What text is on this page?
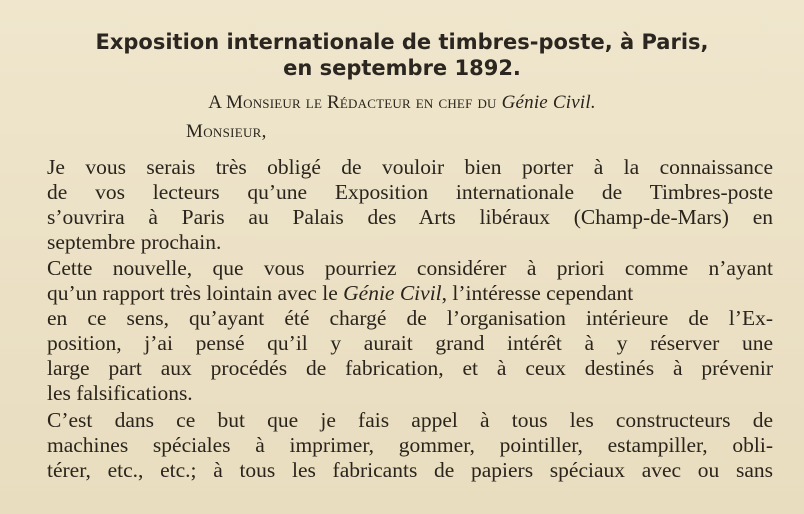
Exposition internationale de timbres-poste, à Paris,
en septembre 1892.
A Monsieur le Rédacteur en chef du Génie Civil.
Monsieur,
Je vous serais très obligé de vouloir bien porter à la connaissance
de vos lecteurs qu’une Exposition internationale de Timbres-poste
s’ouvrira à Paris au Palais des Arts libéraux (Champ-de-Mars) en
septembre prochain.
Cette nouvelle, que vous pourriez considérer à priori comme n’ayant
qu’un rapport très lointain avec le Génie Civil, l’intéresse cependant
en ce sens, qu’ayant été chargé de l’organisation intérieure de l’Ex-
position, j’ai pensé qu’il y aurait grand intérêt à y réserver une
large part aux procédés de fabrication, et à ceux destinés à prévenir
les falsifications.
C’est dans ce but que je fais appel à tous les constructeurs de
machines spéciales à imprimer, gommer, pointiller, estampiller, obli-
térer, etc., etc.; à tous les fabricants de papiers spéciaux avec ou sans
